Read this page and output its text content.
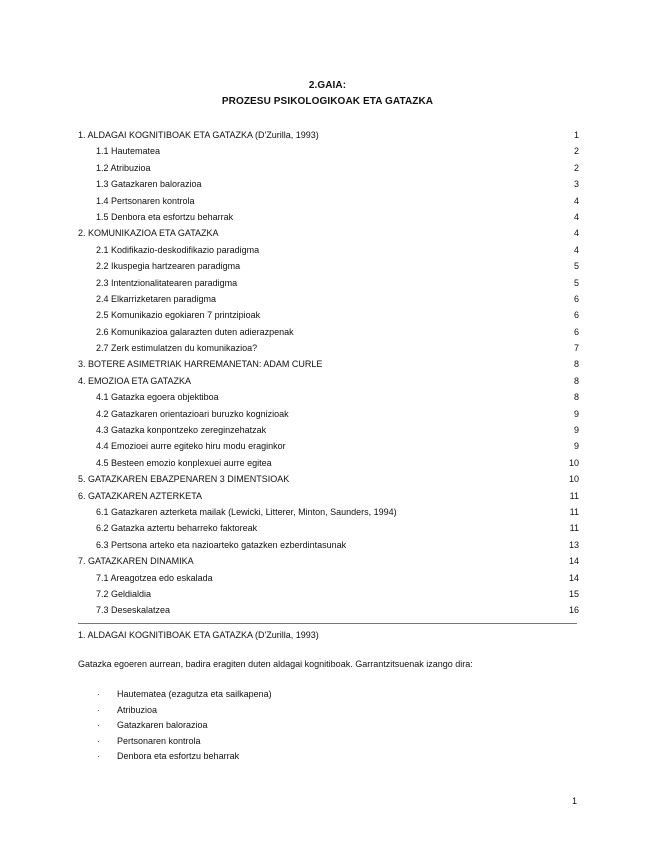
2.GAIA:
PROZESU PSIKOLOGIKOAK ETA GATAZKA
1. ALDAGAI KOGNITIBOAK ETA GATAZKA (D'Zurilla, 1993)	1
1.1 Hautematea	2
1.2 Atribuzioa	2
1.3 Gatazkaren balorazioa	3
1.4 Pertsonaren kontrola	4
1.5 Denbora eta esfortzu beharrak	4
2. KOMUNIKAZIOA ETA GATAZKA	4
2.1 Kodifikazio-deskodifikazio paradigma	4
2.2 Ikuspegia hartzearen paradigma	5
2.3 Intentzionalitatearen paradigma	5
2.4 Elkarrizketaren paradigma	6
2.5 Komunikazio egokiaren 7 printzipioak	6
2.6 Komunikazioa galarazten duten adierazpenak	6
2.7 Zerk estimulatzen du komunikazioa?	7
3. BOTERE ASIMETRIAK HARREMANETAN: ADAM CURLE	8
4. EMOZIOA ETA GATAZKA	8
4.1 Gatazka egoera objektiboa	8
4.2 Gatazkaren orientazioari buruzko kognizioak	9
4.3 Gatazka konpontzeko zereginzehatzak	9
4.4 Emozioei aurre egiteko hiru modu eraginkor	9
4.5 Besteen emozio konplexuei aurre egitea	10
5. GATAZKAREN EBAZPENAREN 3 DIMENTSIOAK	10
6. GATAZKAREN AZTERKETA	11
6.1 Gatazkaren azterketa mailak (Lewicki, Litterer, Minton, Saunders, 1994)	11
6.2 Gatazka aztertu beharreko faktoreak	11
6.3 Pertsona arteko eta nazioarteko gatazken ezberdintasunak	13
7. GATAZKAREN DINAMIKA	14
7.1 Areagotzea edo eskalada	14
7.2 Geldialdia	15
7.3 Deseskalatzea	16
1. ALDAGAI KOGNITIBOAK ETA GATAZKA (D'Zurilla, 1993)
Gatazka egoeren aurrean, badira eragiten duten aldagai kognitiboak. Garrantzitsuenak izango dira:
· Hautematea (ezagutza eta sailkapena)
· Atribuzioa
· Gatazkaren balorazioa
· Pertsonaren kontrola
· Denbora eta esfortzu beharrak
1
